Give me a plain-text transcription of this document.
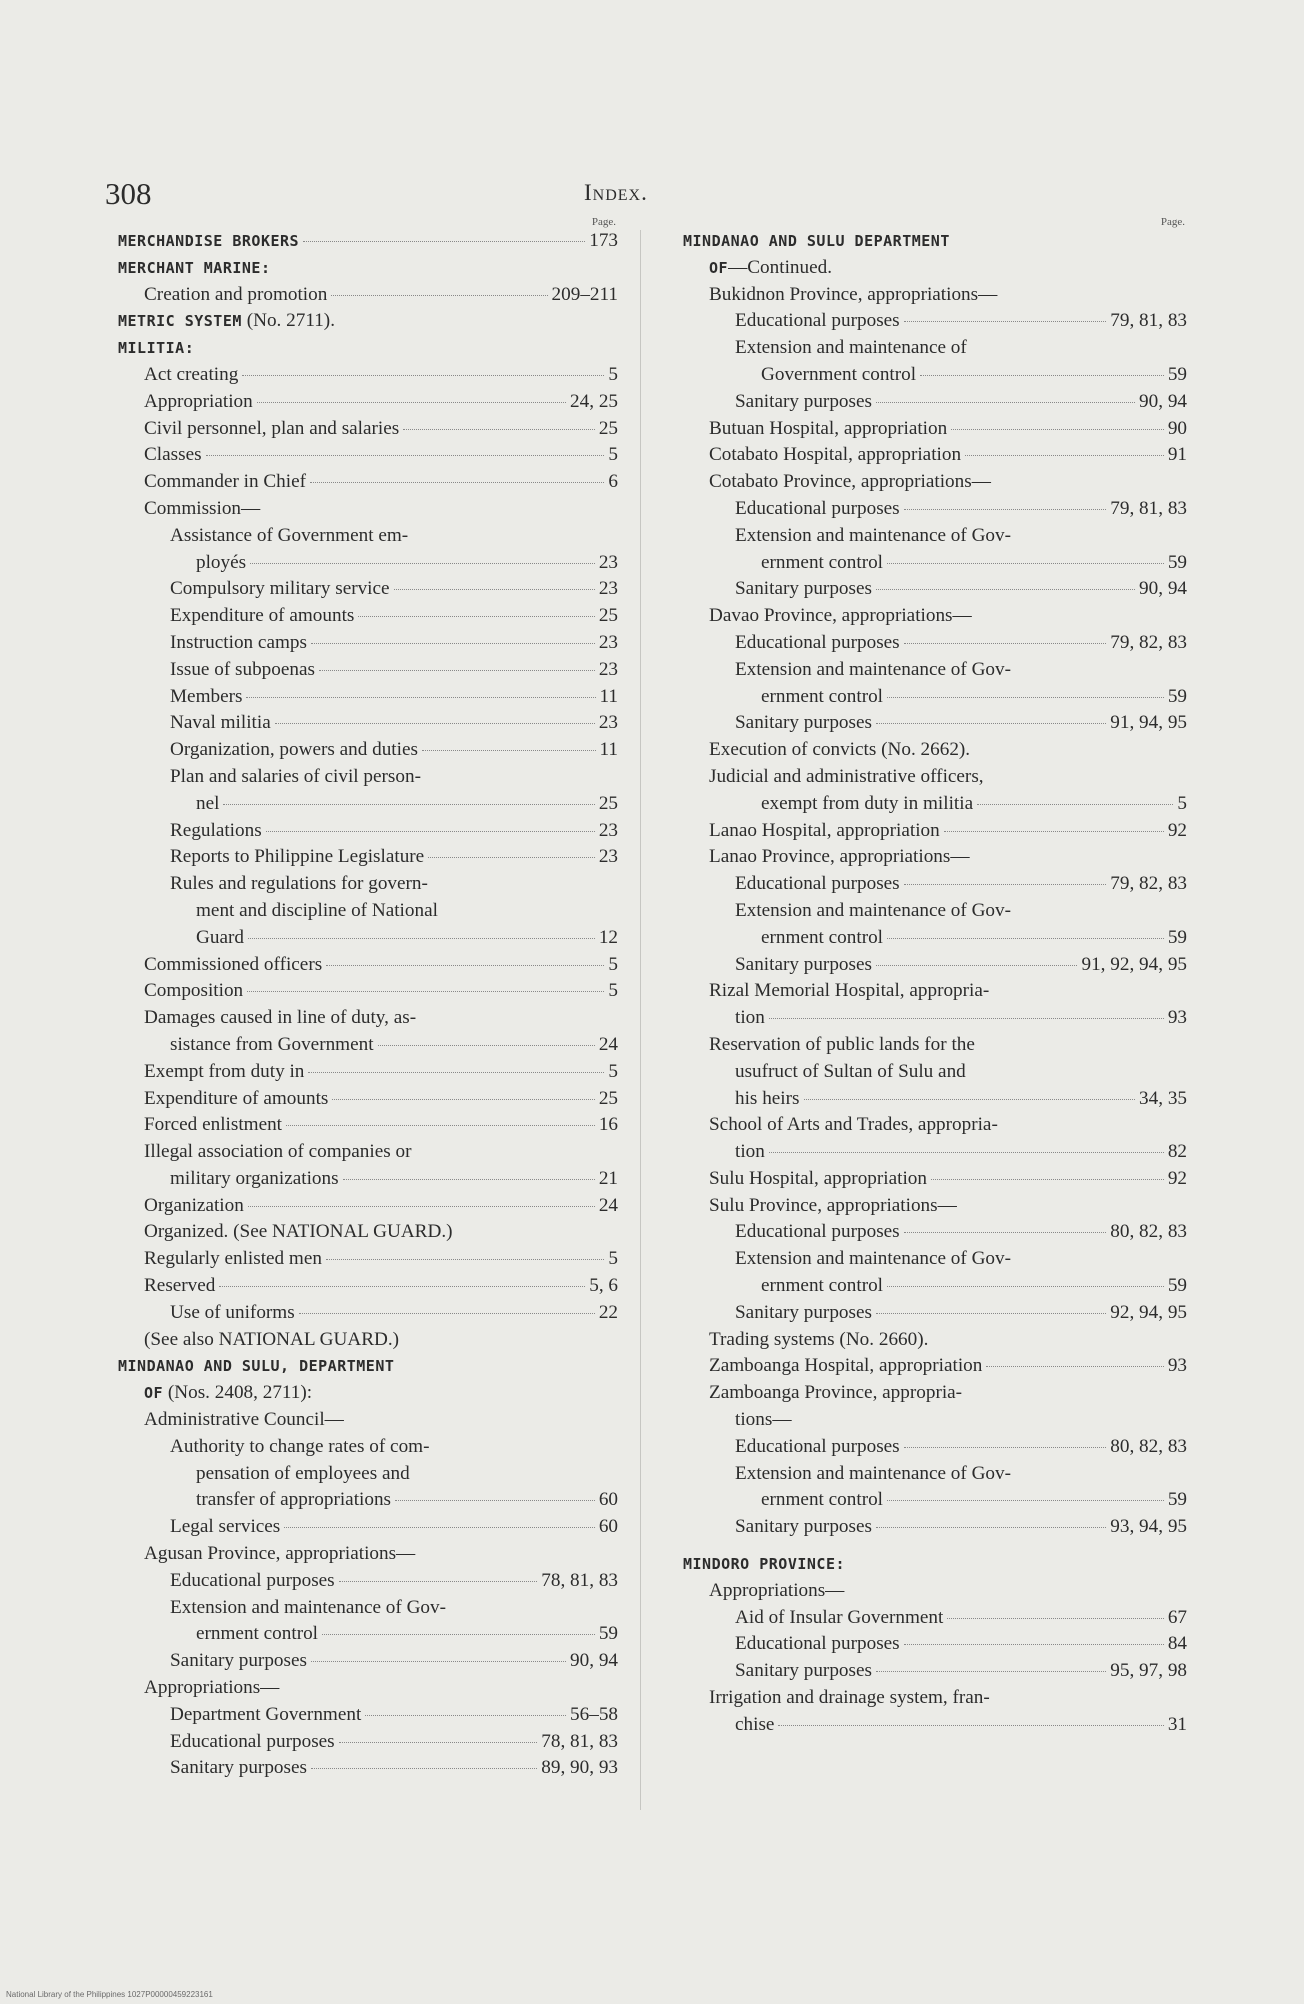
308	Index.
Page.
MERCHANDISE BROKERS	173
MERCHANT MARINE:
Creation and promotion	209–211
METRIC SYSTEM (No. 2711).
MILITIA:
Act creating	5
Appropriation	24, 25
Civil personnel, plan and salaries	25
Classes	5
Commander in Chief	6
Commission—
Assistance of Government em-
ployés	23
Compulsory military service	23
Expenditure of amounts	25
Instruction camps	23
Issue of subpoenas	23
Members	11
Naval militia	23
Organization, powers and duties	11
Plan and salaries of civil person-
nel	25
Regulations	23
Reports to Philippine Legislature	23
Rules and regulations for govern-
ment and discipline of National
Guard	12
Commissioned officers	5
Composition	5
Damages caused in line of duty, as-
sistance from Government	24
Exempt from duty in	5
Expenditure of amounts	25
Forced enlistment	16
Illegal association of companies or
military organizations	21
Organization	24
Organized. (See NATIONAL GUARD.)
Regularly enlisted men	5
Reserved	5, 6
Use of uniforms	22
(See also NATIONAL GUARD.)
MINDANAO AND SULU, DEPARTMENT
OF (Nos. 2408, 2711):
Administrative Council—
Authority to change rates of com-
pensation of employees and
transfer of appropriations	60
Legal services	60
Agusan Province, appropriations—
Educational purposes	78, 81, 83
Extension and maintenance of Gov-
ernment control	59
Sanitary purposes	90, 94
Appropriations—
Department Government	56–58
Educational purposes	78, 81, 83
Sanitary purposes	89, 90, 93
Page.
MINDANAO AND SULU DEPARTMENT
OF—Continued.
Bukidnon Province, appropriations—
Educational purposes	79, 81, 83
Extension and maintenance of
Government control	59
Sanitary purposes	90, 94
Butuan Hospital, appropriation	90
Cotabato Hospital, appropriation	91
Cotabato Province, appropriations—
Educational purposes	79, 81, 83
Extension and maintenance of Gov-
ernment control	59
Sanitary purposes	90, 94
Davao Province, appropriations—
Educational purposes	79, 82, 83
Extension and maintenance of Gov-
ernment control	59
Sanitary purposes	91, 94, 95
Execution of convicts (No. 2662).
Judicial and administrative officers,
exempt from duty in militia	5
Lanao Hospital, appropriation	92
Lanao Province, appropriations—
Educational purposes	79, 82, 83
Extension and maintenance of Gov-
ernment control	59
Sanitary purposes	91, 92, 94, 95
Rizal Memorial Hospital, appropria-
tion	93
Reservation of public lands for the
usufruct of Sultan of Sulu and
his heirs	34, 35
School of Arts and Trades, appropria-
tion	82
Sulu Hospital, appropriation	92
Sulu Province, appropriations—
Educational purposes	80, 82, 83
Extension and maintenance of Gov-
ernment control	59
Sanitary purposes	92, 94, 95
Trading systems (No. 2660).
Zamboanga Hospital, appropriation	93
Zamboanga Province, appropria-
tions—
Educational purposes	80, 82, 83
Extension and maintenance of Gov-
ernment control	59
Sanitary purposes	93, 94, 95
MINDORO PROVINCE:
Appropriations—
Aid of Insular Government	67
Educational purposes	84
Sanitary purposes	95, 97, 98
Irrigation and drainage system, fran-
chise	31
National Library of the Philippines 1027P00000459223161
